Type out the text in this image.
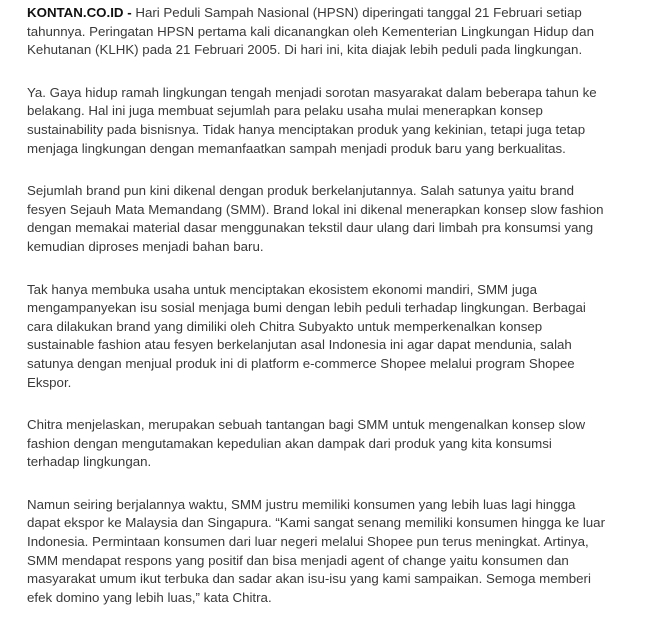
KONTAN.CO.ID - Hari Peduli Sampah Nasional (HPSN) diperingati tanggal 21 Februari setiap
tahunnya. Peringatan HPSN pertama kali dicanangkan oleh Kementerian Lingkungan Hidup dan
Kehutanan (KLHK) pada 21 Februari 2005. Di hari ini, kita diajak lebih peduli pada lingkungan.

Ya. Gaya hidup ramah lingkungan tengah menjadi sorotan masyarakat dalam beberapa tahun ke
belakang. Hal ini juga membuat sejumlah para pelaku usaha mulai menerapkan konsep
sustainability pada bisnisnya. Tidak hanya menciptakan produk yang kekinian, tetapi juga tetap
menjaga lingkungan dengan memanfaatkan sampah menjadi produk baru yang berkualitas.

Sejumlah brand pun kini dikenal dengan produk berkelanjutannya. Salah satunya yaitu brand
fesyen Sejauh Mata Memandang (SMM). Brand lokal ini dikenal menerapkan konsep slow fashion
dengan memakai material dasar menggunakan tekstil daur ulang dari limbah pra konsumsi yang
kemudian diproses menjadi bahan baru.

Tak hanya membuka usaha untuk menciptakan ekosistem ekonomi mandiri, SMM juga
mengampanyekan isu sosial menjaga bumi dengan lebih peduli terhadap lingkungan. Berbagai
cara dilakukan brand yang dimiliki oleh Chitra Subyakto untuk memperkenalkan konsep
sustainable fashion atau fesyen berkelanjutan asal Indonesia ini agar dapat mendunia, salah
satunya dengan menjual produk ini di platform e-commerce Shopee melalui program Shopee
Ekspor.

Chitra menjelaskan, merupakan sebuah tantangan bagi SMM untuk mengenalkan konsep slow
fashion dengan mengutamakan kepedulian akan dampak dari produk yang kita konsumsi
terhadap lingkungan.

Namun seiring berjalannya waktu, SMM justru memiliki konsumen yang lebih luas lagi hingga
dapat ekspor ke Malaysia dan Singapura. “Kami sangat senang memiliki konsumen hingga ke luar
Indonesia. Permintaan konsumen dari luar negeri melalui Shopee pun terus meningkat. Artinya,
SMM mendapat respons yang positif dan bisa menjadi agent of change yaitu konsumen dan
masyarakat umum ikut terbuka dan sadar akan isu-isu yang kami sampaikan. Semoga memberi
efek domino yang lebih luas,” kata Chitra.
